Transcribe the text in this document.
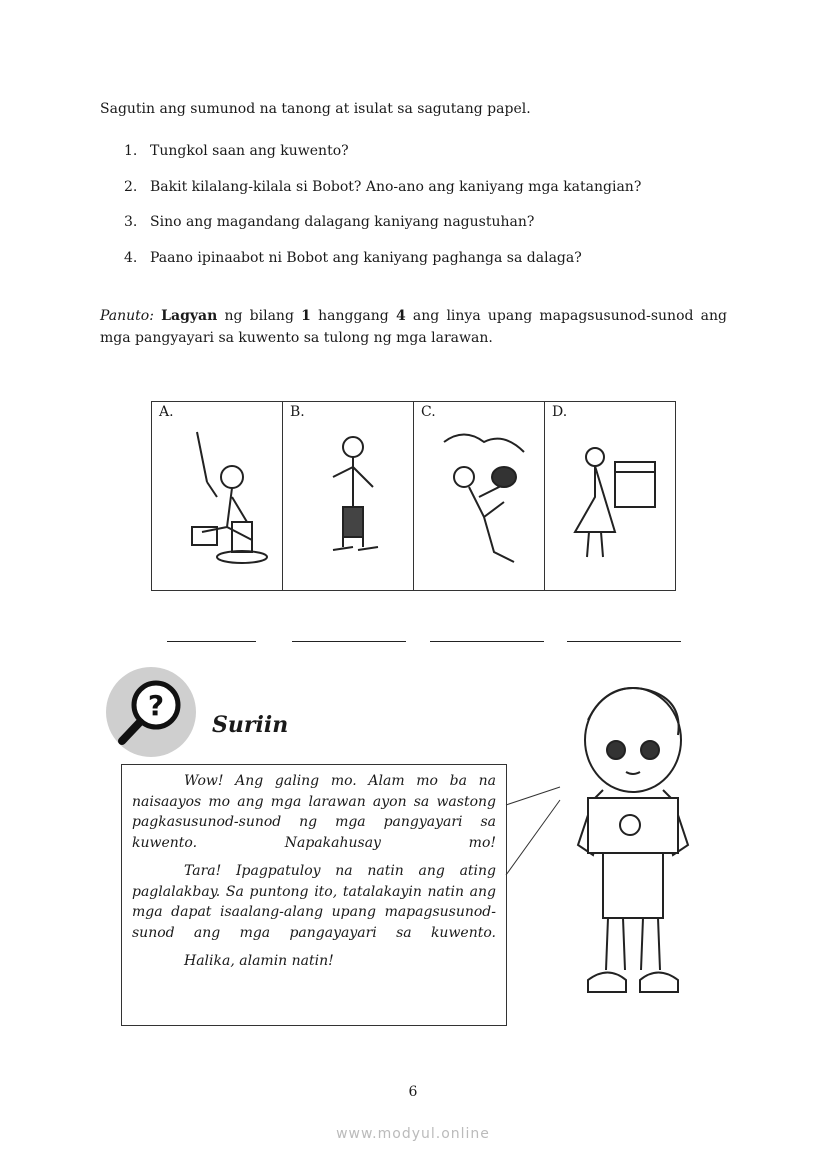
Sagutin ang sumunod na tanong at isulat sa sagutang papel.
1. Tungkol saan ang kuwento?
2. Bakit kilalang-kilala si Bobot? Ano-ano ang kaniyang mga katangian?
3. Sino ang magandang dalagang kaniyang nagustuhan?
4. Paano ipinaabot ni Bobot ang kaniyang paghanga sa dalaga?
Panuto: Lagyan ng bilang 1 hanggang 4 ang linya upang mapagsusunod-sunod ang mga pangyayari sa kuwento sa tulong ng mga larawan.
A.	B.	C.	D.
?
Suriin

Wow! Ang galing mo. Alam mo ba na naisaayos mo ang mga larawan ayon sa wastong pagkasusunod-sunod ng mga pangyayari sa kuwento. Napakahusay mo!

Tara! Ipagpatuloy na natin ang ating paglalakbay. Sa puntong ito, tatalakayin natin ang mga dapat isaalang-alang upang mapagsusunod-sunod ang mga pangayayari sa kuwento.

Halika, alamin natin!

6
www.modyul.online
